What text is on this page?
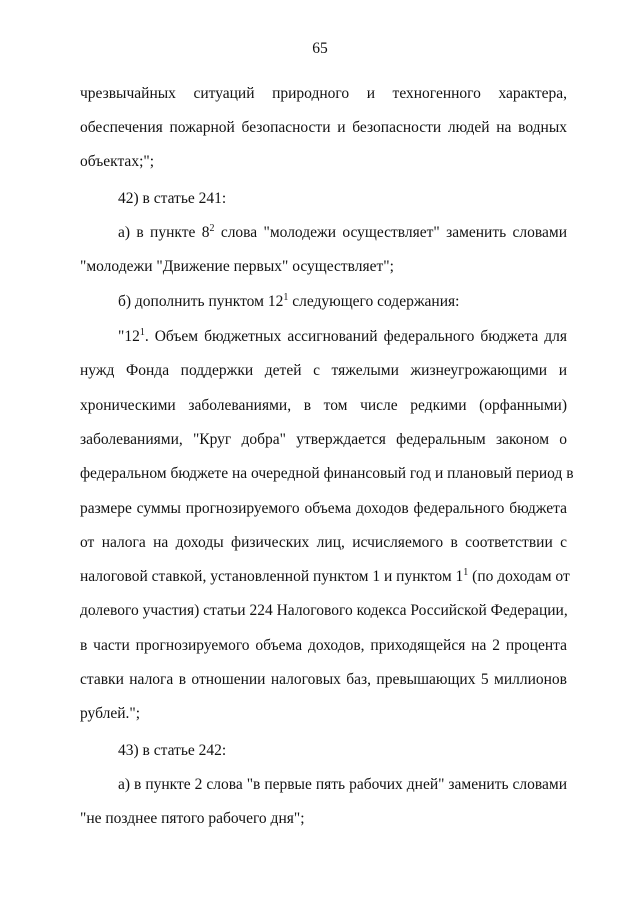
65
чрезвычайных ситуаций природного и техногенного характера,
обеспечения пожарной безопасности и безопасности людей на водных
объектах;";
42) в статье 241:
а) в пункте $8^2$ слова "молодежи осуществляет" заменить словами
"молодежи "Движение первых" осуществляет";
б) дополнить пунктом $12^1$ следующего содержания:
"$12^1$. Объем бюджетных ассигнований федерального бюджета для
нужд Фонда поддержки детей с тяжелыми жизнеугрожающими и
хроническими заболеваниями, в том числе редкими (орфанными)
заболеваниями, "Круг добра" утверждается федеральным законом о
федеральном бюджете на очередной финансовый год и плановый период в
размере суммы прогнозируемого объема доходов федерального бюджета
от налога на доходы физических лиц, исчисляемого в соответствии с
налоговой ставкой, установленной пунктом 1 и пунктом $1^1$ (по доходам от
долевого участия) статьи 224 Налогового кодекса Российской Федерации,
в части прогнозируемого объема доходов, приходящейся на 2 процента
ставки налога в отношении налоговых баз, превышающих 5 миллионов
рублей.";
43) в статье 242:
а) в пункте 2 слова "в первые пять рабочих дней" заменить словами
"не позднее пятого рабочего дня";
